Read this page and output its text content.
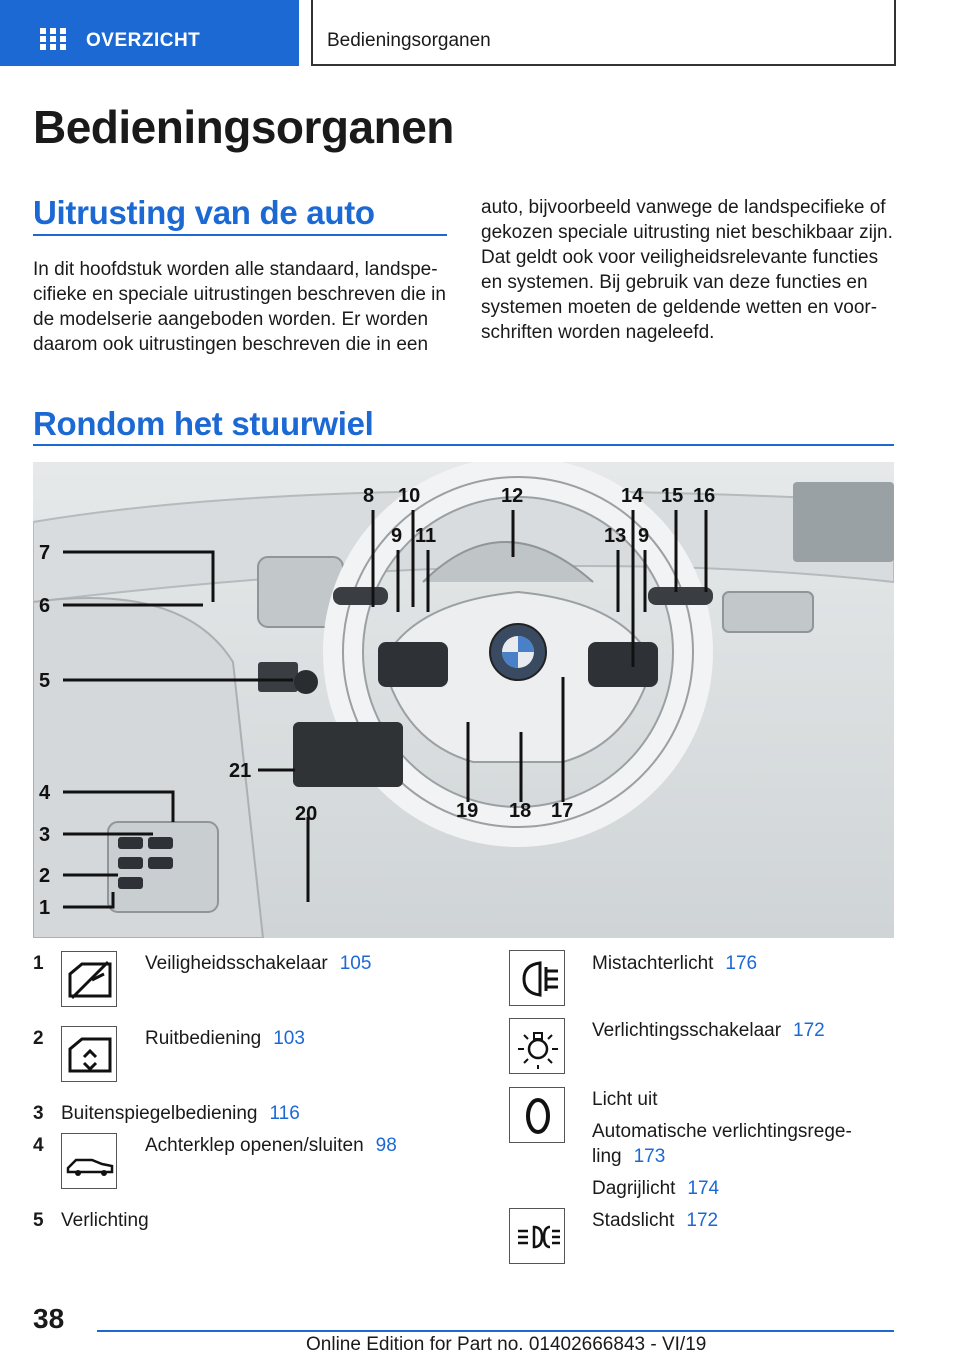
OVERZICHT	Bedieningsorganen
Bedieningsorganen
Uitrusting van de auto
In dit hoofdstuk worden alle standaard, landspe-
cifieke en speciale uitrustingen beschreven die in
de modelserie aangeboden worden. Er worden
daarom ook uitrustingen beschreven die in een
auto, bijvoorbeeld vanwege de landspecifieke of
gekozen speciale uitrusting niet beschikbaar zijn.
Dat geldt ook voor veiligheidsrelevante functies
en systemen. Bij gebruik van deze functies en
systemen moeten de geldende wetten en voor-
schriften worden nageleefd.
Rondom het stuurwiel
7
6
5
4
3
2
1
8 10
9 11
12
13
14
9
15 16
17
18
19
20
21
1	Veiligheidsschakelaar 105
2	Ruitbediening 103
3 Buitenspiegelbediening 116
4	Achterklep openen/sluiten 98
5 Verlichting
Mistachterlicht 176
Verlichtingsschakelaar 172
Licht uit
Automatische verlichtingsrege-
ling 173
Dagrijlicht 174
Stadslicht 172
38
Online Edition for Part no. 01402666843 - VI/19
